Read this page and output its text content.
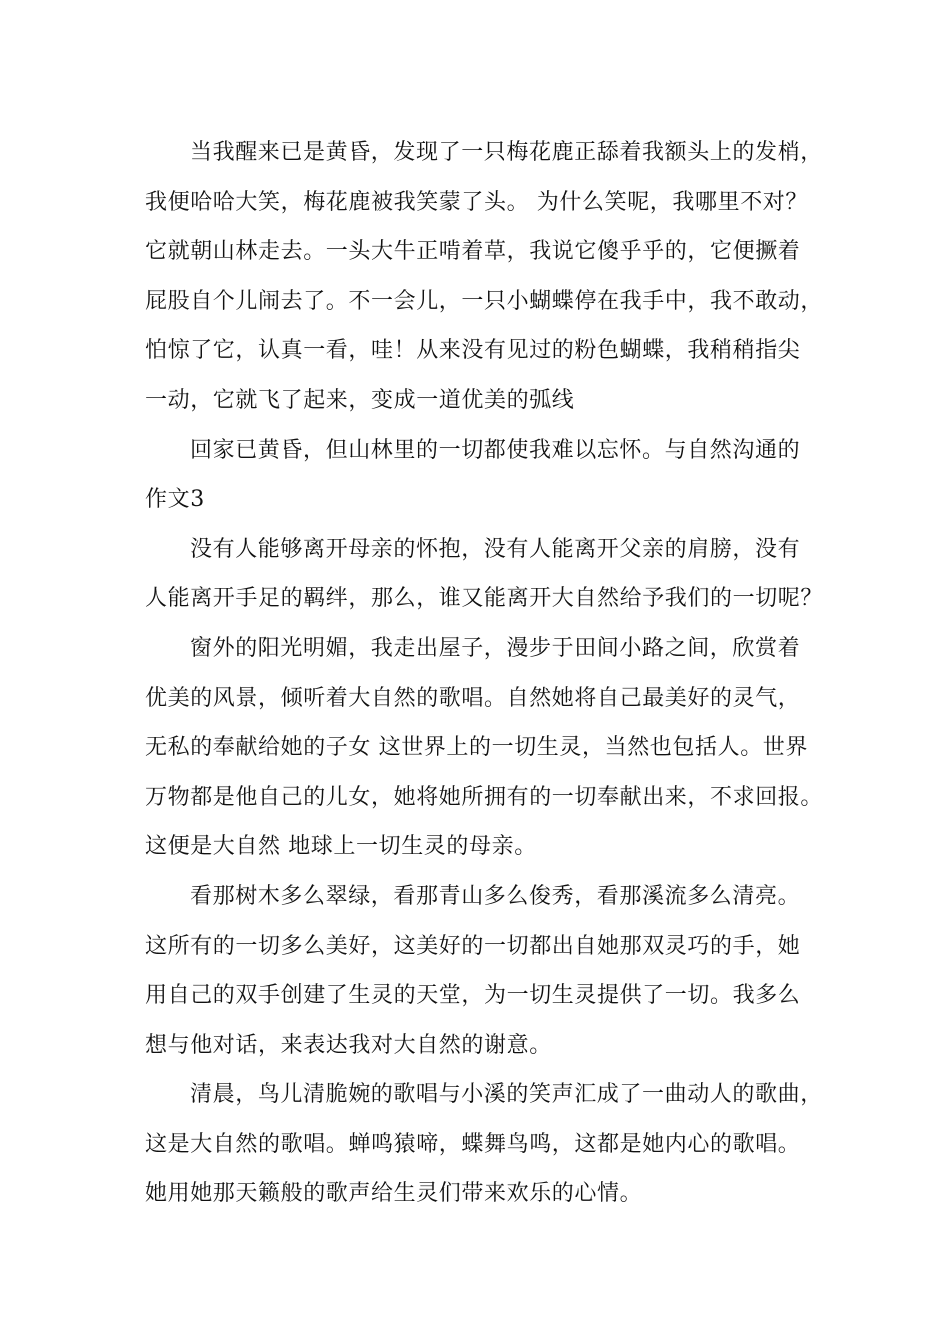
当我醒来已是黄昏，发现了一只梅花鹿正舔着我额头上的发梢，
我便哈哈大笑，梅花鹿被我笑蒙了头。 为什么笑呢，我哪里不对？
它就朝山林走去。一头大牛正啃着草，我说它傻乎乎的，它便撅着
屁股自个儿闹去了。不一会儿，一只小蝴蝶停在我手中，我不敢动，
怕惊了它，认真一看，哇！从来没有见过的粉色蝴蝶，我稍稍指尖
一动，它就飞了起来，变成一道优美的弧线
回家已黄昏，但山林里的一切都使我难以忘怀。与自然沟通的
作文3
没有人能够离开母亲的怀抱，没有人能离开父亲的肩膀，没有
人能离开手足的羁绊，那么，谁又能离开大自然给予我们的一切呢？
窗外的阳光明媚，我走出屋子，漫步于田间小路之间，欣赏着
优美的风景，倾听着大自然的歌唱。自然她将自己最美好的灵气，
无私的奉献给她的子女 这世界上的一切生灵，当然也包括人。世界
万物都是他自己的儿女，她将她所拥有的一切奉献出来，不求回报。
这便是大自然 地球上一切生灵的母亲。
看那树木多么翠绿，看那青山多么俊秀，看那溪流多么清亮。
这所有的一切多么美好，这美好的一切都出自她那双灵巧的手，她
用自己的双手创建了生灵的天堂，为一切生灵提供了一切。我多么
想与他对话，来表达我对大自然的谢意。
清晨，鸟儿清脆婉的歌唱与小溪的笑声汇成了一曲动人的歌曲，
这是大自然的歌唱。蝉鸣猿啼，蝶舞鸟鸣，这都是她内心的歌唱。
她用她那天籁般的歌声给生灵们带来欢乐的心情。
